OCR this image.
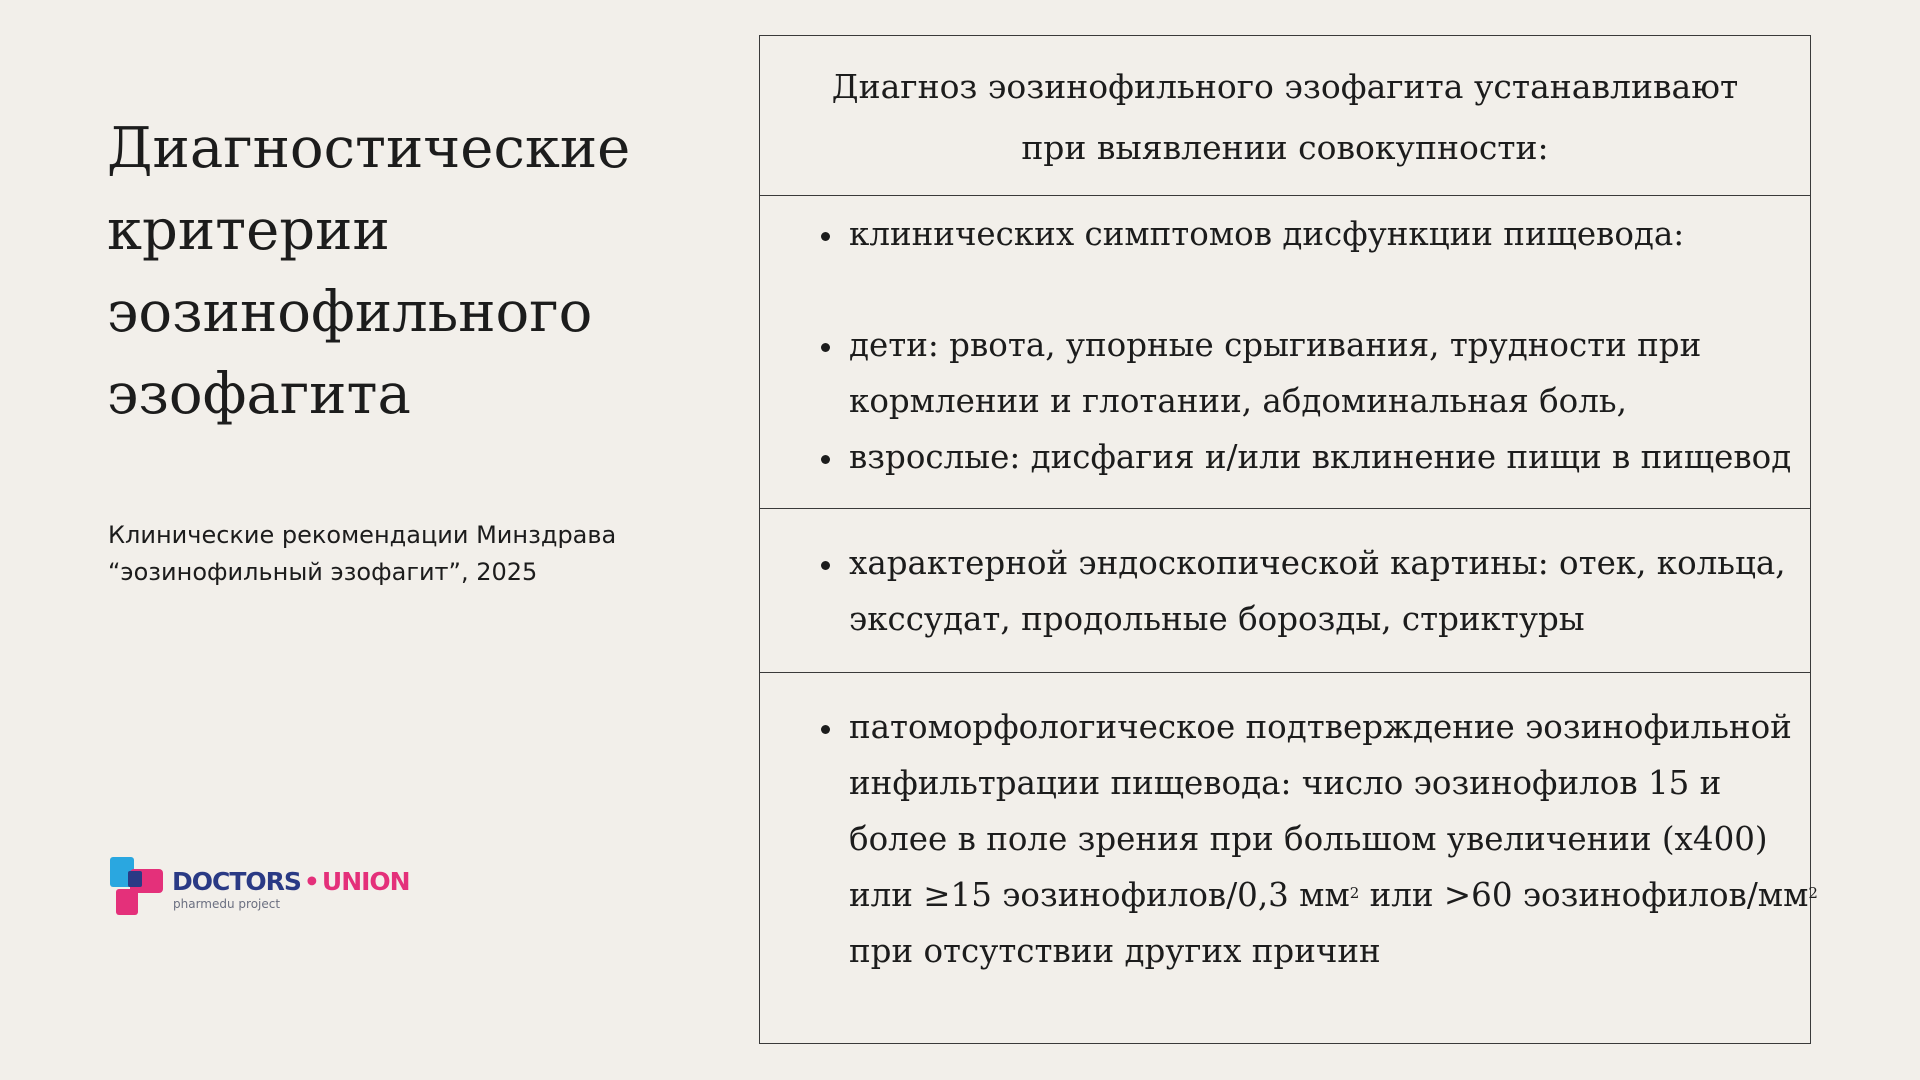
Диагностические
критерии
эозинофильного
эзофагита
Клинические рекомендации Минздрава
“эозинофильный эзофагит”, 2025
DOCTORS • UNION
pharmedu project
Диагноз эозинофильного эзофагита устанавливают
при выявлении совокупности:
клинических симптомов дисфункции пищевода:
дети: рвота, упорные срыгивания, трудности при
кормлении и глотании, абдоминальная боль,
взрослые: дисфагия и/или вклинение пищи в пищевод
характерной эндоскопической картины: отек, кольца,
экссудат, продольные борозды, стриктуры
патоморфологическое подтверждение эозинофильной
инфильтрации пищевода: число эозинофилов 15 и
более в поле зрения при большом увеличении (x400)
или ≥15 эозинофилов/0,3 $мм^2$ или >60 эозинофилов/$мм^2$
при отсутствии других причин
